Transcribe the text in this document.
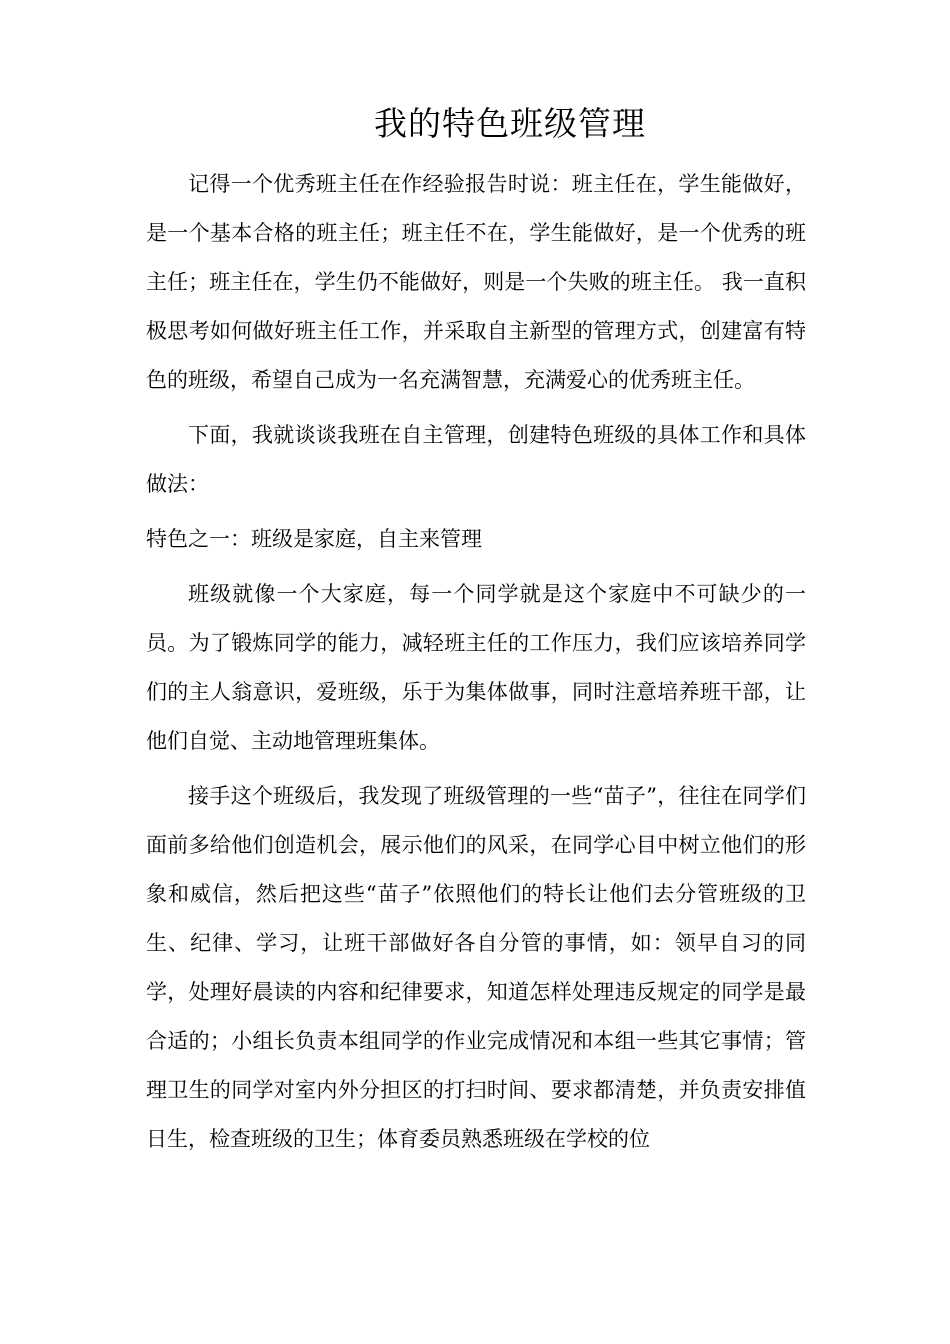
我的特色班级管理

记得一个优秀班主任在作经验报告时说：班主任在，学生能做好，是一个基本合格的班主任；班主任不在，学生能做好，是一个优秀的班主任；班主任在，学生仍不能做好，则是一个失败的班主任。 我一直积极思考如何做好班主任工作，并采取自主新型的管理方式，创建富有特色的班级，希望自己成为一名充满智慧，充满爱心的优秀班主任。

下面，我就谈谈我班在自主管理，创建特色班级的具体工作和具体做法：

特色之一：班级是家庭，自主来管理

班级就像一个大家庭，每一个同学就是这个家庭中不可缺少的一员。为了锻炼同学的能力，减轻班主任的工作压力，我们应该培养同学们的主人翁意识，爱班级，乐于为集体做事，同时注意培养班干部，让他们自觉、主动地管理班集体。

接手这个班级后，我发现了班级管理的一些“苗子”，往往在同学们面前多给他们创造机会，展示他们的风采，在同学心目中树立他们的形象和威信，然后把这些“苗子”依照他们的特长让他们去分管班级的卫生、纪律、学习，让班干部做好各自分管的事情，如：领早自习的同学，处理好晨读的内容和纪律要求，知道怎样处理违反规定的同学是最合适的；小组长负责本组同学的作业完成情况和本组一些其它事情；管理卫生的同学对室内外分担区的打扫时间、要求都清楚，并负责安排值日生，检查班级的卫生；体育委员熟悉班级在学校的位
